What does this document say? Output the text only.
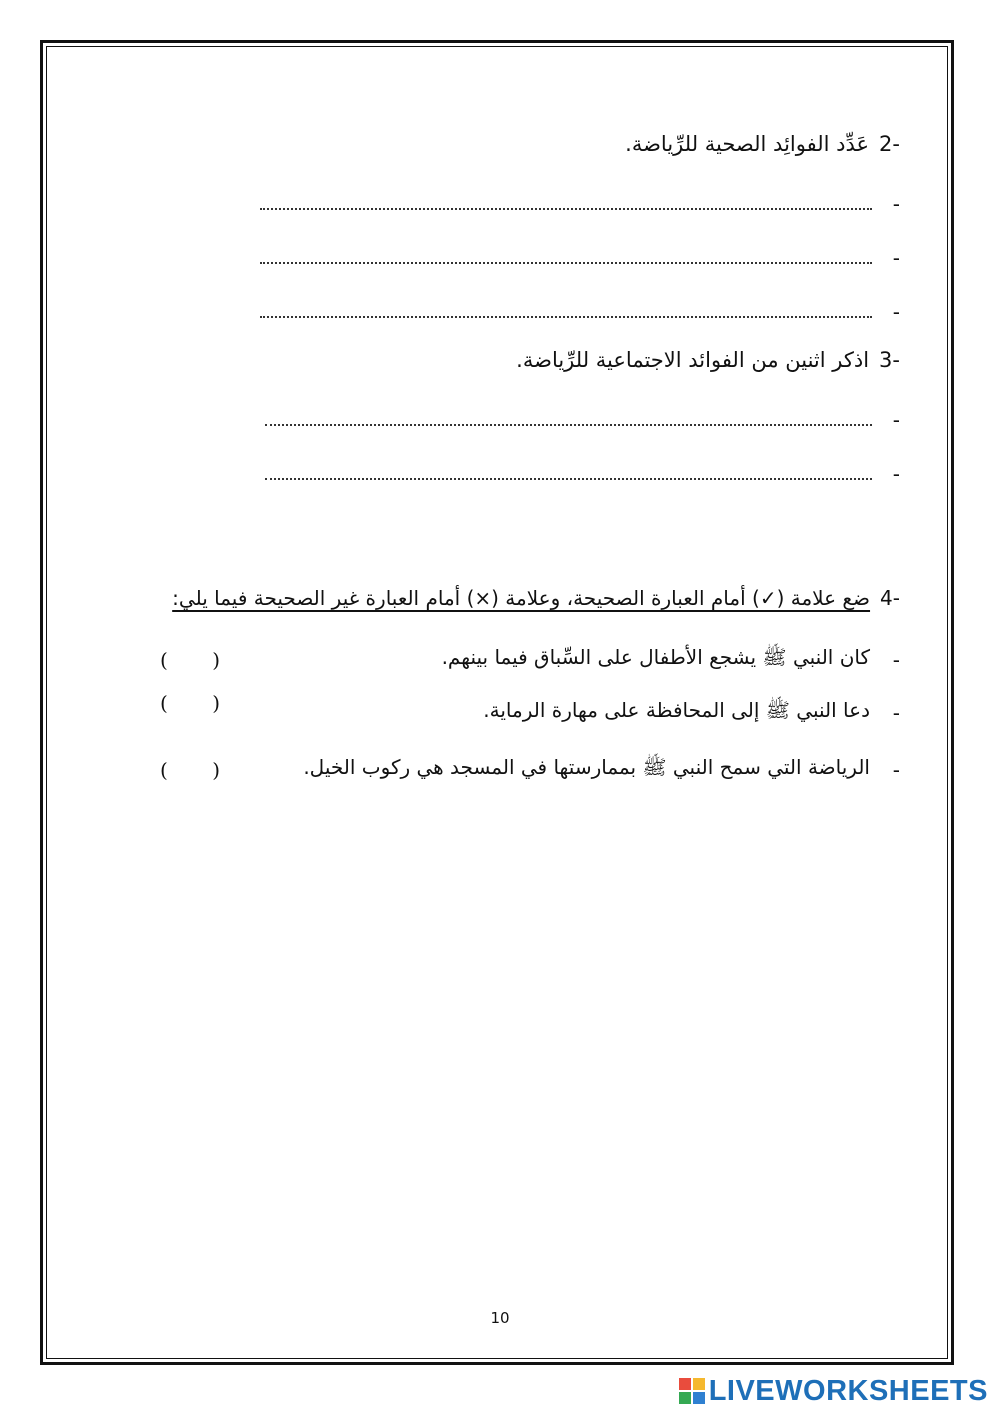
-2عَدِّد الفوائِد الصحية للرِّياضة.
-
-
-
-3اذكر اثنين من الفوائد الاجتماعية للرِّياضة.
-
-
-4ضع علامة (✓) أمام العبارة الصحيحة، وعلامة (×) أمام العبارة غير الصحيحة فيما يلي:
-
كان النبي ﷺ يشجع الأطفال على السِّباق فيما بينهم.
(
)
-
دعا النبي ﷺ إلى المحافظة على مهارة الرماية.
(
)
-
الرياضة التي سمح النبي ﷺ بممارستها في المسجد هي ركوب الخيل.
(
)
10
LIVEWORKSHEETS
